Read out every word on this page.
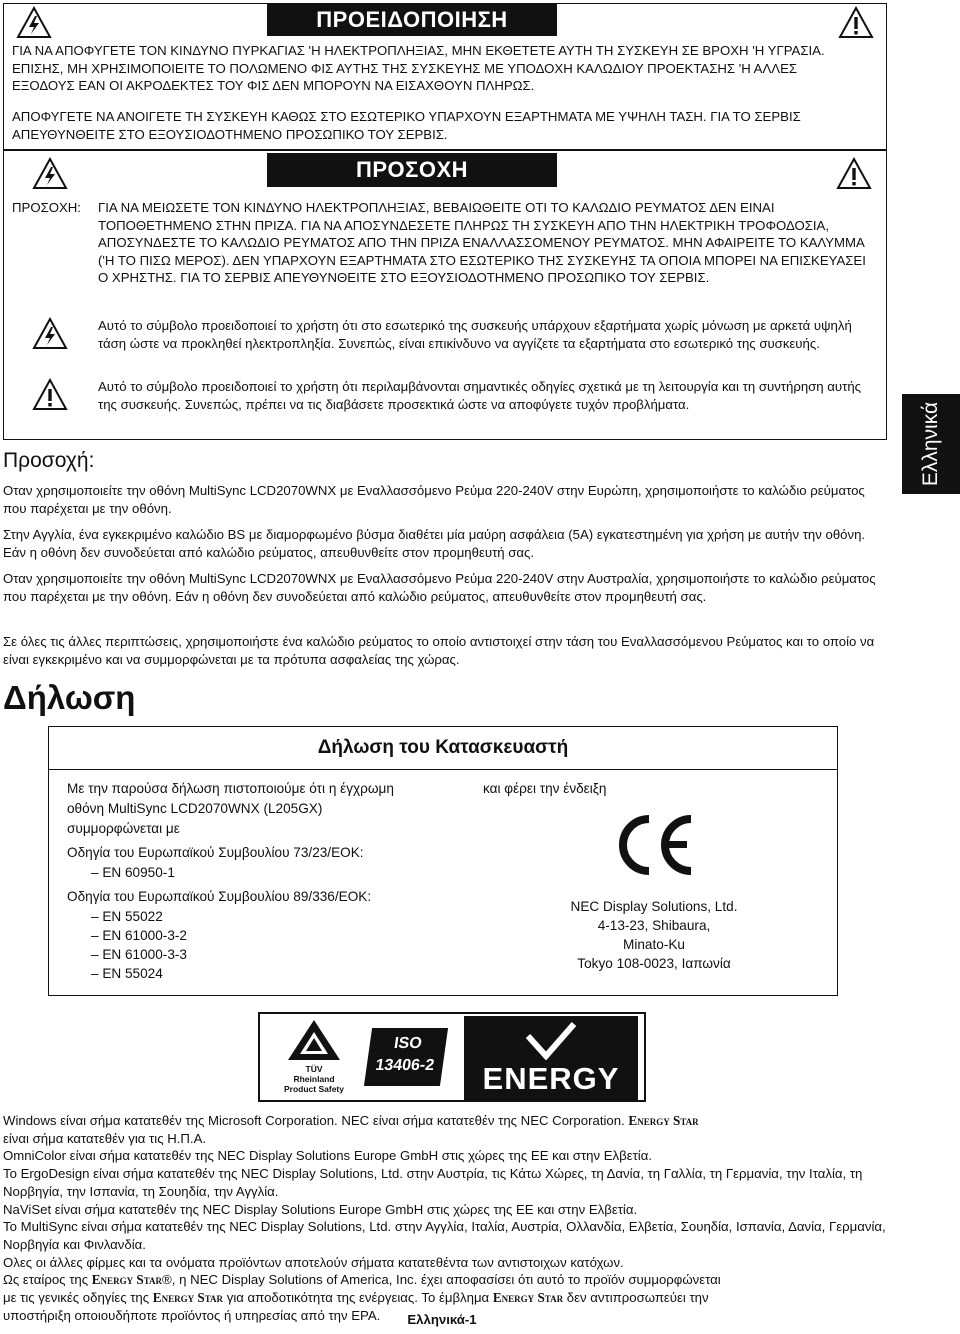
ΠΡΟΕΙΔΟΠΟΙΗΣΗ
ΓΙΑ ΝΑ ΑΠΟΦΥΓΕΤΕ ΤΟΝ ΚΙΝΔΥΝΟ ΠΥΡΚΑΓΙΑΣ 'Η ΗΛΕΚΤΡΟΠΛΗΞΙΑΣ, ΜΗΝ ΕΚΘΕΤΕΤΕ ΑΥΤΗ ΤΗ ΣΥΣΚΕΥΗ ΣΕ ΒΡΟΧΗ 'Η ΥΓΡΑΣΙΑ. ΕΠΙΣΗΣ, ΜΗ ΧΡΗΣΙΜΟΠΟΙΕΙΤΕ ΤΟ ΠΟΛΩΜΕΝΟ ΦΙΣ ΑΥΤΗΣ ΤΗΣ ΣΥΣΚΕΥΗΣ ΜΕ ΥΠΟΔΟΧΗ ΚΑΛΩΔΙΟΥ ΠΡΟΕΚΤΑΣΗΣ 'Η ΑΛΛΕΣ ΕΞΟΔΟΥΣ ΕΑΝ ΟΙ ΑΚΡΟΔΕΚΤΕΣ ΤΟΥ ΦΙΣ ΔΕΝ ΜΠΟΡΟΥΝ ΝΑ ΕΙΣΑΧΘΟΥΝ ΠΛΗΡΩΣ.
ΑΠΟΦΥΓΕΤΕ ΝΑ ΑΝΟΙΓΕΤΕ ΤΗ ΣΥΣΚΕΥΗ ΚΑΘΩΣ ΣΤΟ ΕΣΩΤΕΡΙΚΟ ΥΠΑΡΧΟΥΝ ΕΞΑΡΤΗΜΑΤΑ ΜΕ ΥΨΗΛΗ ΤΑΣΗ. ΓΙΑ ΤΟ ΣΕΡΒΙΣ ΑΠΕΥΘΥΝΘΕΙΤΕ ΣΤΟ ΕΞΟΥΣΙΟΔΟΤΗΜΕΝΟ ΠΡΟΣΩΠΙΚΟ ΤΟΥ ΣΕΡΒΙΣ.
ΠΡΟΣΟΧΗ
ΠΡΟΣΟΧΗ: ΓΙΑ ΝΑ ΜΕΙΩΣΕΤΕ ΤΟΝ ΚΙΝΔΥΝΟ ΗΛΕΚΤΡΟΠΛΗΞΙΑΣ, ΒΕΒΑΙΩΘΕΙΤΕ ΟΤΙ ΤΟ ΚΑΛΩΔΙΟ ΡΕΥΜΑΤΟΣ ΔΕΝ ΕΙΝΑΙ ΤΟΠΟΘΕΤΗΜΕΝΟ ΣΤΗΝ ΠΡΙΖΑ. ΓΙΑ ΝΑ ΑΠΟΣΥΝΔΕΣΕΤΕ ΠΛΗΡΩΣ ΤΗ ΣΥΣΚΕΥΗ ΑΠΟ ΤΗΝ ΗΛΕΚΤΡΙΚΗ ΤΡΟΦΟΔΟΣΙΑ, ΑΠΟΣΥΝΔΕΣΤΕ ΤΟ ΚΑΛΩΔΙΟ ΡΕΥΜΑΤΟΣ ΑΠΟ ΤΗΝ ΠΡΙΖΑ ΕΝΑΛΛΑΣΣΟΜΕΝΟΥ ΡΕΥΜΑΤΟΣ. ΜΗΝ ΑΦΑΙΡΕΙΤΕ ΤΟ ΚΑΛΥΜΜΑ ('Η ΤΟ ΠΙΣΩ ΜΕΡΟΣ). ΔΕΝ ΥΠΑΡΧΟΥΝ ΕΞΑΡΤΗΜΑΤΑ ΣΤΟ ΕΣΩΤΕΡΙΚΟ ΤΗΣ ΣΥΣΚΕΥΗΣ ΤΑ ΟΠΟΙΑ ΜΠΟΡΕΙ ΝΑ ΕΠΙΣΚΕΥΑΣΕΙ Ο ΧΡΗΣΤΗΣ. ΓΙΑ ΤΟ ΣΕΡΒΙΣ ΑΠΕΥΘΥΝΘΕΙΤΕ ΣΤΟ ΕΞΟΥΣΙΟΔΟΤΗΜΕΝΟ ΠΡΟΣΩΠΙΚΟ ΤΟΥ ΣΕΡΒΙΣ.
Αυτό το σύμβολο προειδοποιεί το χρήστη ότι στο εσωτερικό της συσκευής υπάρχουν εξαρτήματα χωρίς μόνωση με αρκετά υψηλή τάση ώστε να προκληθεί ηλεκτροπληξία. Συνεπώς, είναι επικίνδυνο να αγγίζετε τα εξαρτήματα στο εσωτερικό της συσκευής.
Αυτό το σύμβολο προειδοποιεί το χρήστη ότι περιλαμβάνονται σημαντικές οδηγίες σχετικά με τη λειτουργία και τη συντήρηση αυτής της συσκευής. Συνεπώς, πρέπει να τις διαβάσετε προσεκτικά ώστε να αποφύγετε τυχόν προβλήματα.	Ελληνικά
Προσοχή:
Οταν χρησιμοποιείτε την οθόνη MultiSync LCD2070WNX με Εναλλασσόμενο Ρεύμα 220-240V στην Ευρώπη, χρησιμοποιήστε το καλώδιο ρεύματος που παρέχεται με την οθόνη.
Στην Αγγλία, ένα εγκεκριμένο καλώδιο BS με διαμορφωμένο βύσμα διαθέτει μία μαύρη ασφάλεια (5A) εγκατεστημένη για χρήση με αυτήν την οθόνη. Εάν η οθόνη δεν συνοδεύεται από καλώδιο ρεύματος, απευθυνθείτε στον προμηθευτή σας.
Οταν χρησιμοποιείτε την οθόνη MultiSync LCD2070WNX με Εναλλασσόμενο Ρεύμα 220-240V στην Αυστραλία, χρησιμοποιήστε το καλώδιο ρεύματος που παρέχεται με την οθόνη. Εάν η οθόνη δεν συνοδεύεται από καλώδιο ρεύματος, απευθυνθείτε στον προμηθευτή σας.
Σε όλες τις άλλες περιπτώσεις, χρησιμοποιήστε ένα καλώδιο ρεύματος το οποίο αντιστοιχεί στην τάση του Εναλλασσόμενου Ρεύματος και το οποίο να είναι εγκεκριμένο και να συμμορφώνεται με τα πρότυπα ασφαλείας της χώρας.
Δήλωση
Δήλωση του Κατασκευαστή
Με την παρούσα δήλωση πιστοποιούμε ότι η έγχρωμη οθόνη MultiSync LCD2070WNX (L205GX) συμμορφώνεται με
Οδηγία του Ευρωπαϊκού Συμβουλίου 73/23/ΕΟΚ:
– EN 60950-1
Οδηγία του Ευρωπαϊκού Συμβουλίου 89/336/ΕΟΚ:
– EN 55022
– EN 61000-3-2
– EN 61000-3-3
– EN 55024
και φέρει την ένδειξη
NEC Display Solutions, Ltd.
4-13-23, Shibaura,
Minato-Ku
Tokyo 108-0023, Ιαπωνία
TÜV
Rheinland
Product Safety
ISO
13406-2	ENERGY
Windows είναι σήμα κατατεθέν της Microsoft Corporation. NEC είναι σήμα κατατεθέν της NEC Corporation. Energy Star
είναι σήμα κατατεθέν για τις Η.Π.Α.
OmniColor είναι σήμα κατατεθέν της NEC Display Solutions Europe GmbH στις χώρες της ΕΕ και στην Ελβετία.
Το ErgoDesign είναι σήμα κατατεθέν της NEC Display Solutions, Ltd. στην Αυστρία, τις Κάτω Χώρες, τη Δανία, τη Γαλλία, τη Γερμανία, την Ιταλία, τη Νορβηγία, την Ισπανία, τη Σουηδία, την Αγγλία.
NaViSet είναι σήμα κατατεθέν της NEC Display Solutions Europe GmbH στις χώρες της ΕΕ και στην Ελβετία.
Το MultiSync είναι σήμα κατατεθέν της NEC Display Solutions, Ltd. στην Αγγλία, Ιταλία, Αυστρία, Ολλανδία, Ελβετία, Σουηδία, Ισπανία, Δανία, Γερμανία, Νορβηγία και Φινλανδία.
Ολες οι άλλες φίρμες και τα ονόματα προϊόντων αποτελούν σήματα κατατεθέντα των αντιστοιχων κατόχων.
Ως εταίρος της Energy Star®, η NEC Display Solutions of America, Inc. έχει αποφασίσει ότι αυτό το προϊόν συμμορφώνεται
με τις γενικές οδηγίες της Energy Star για αποδοτικότητα της ενέργειας. Το έμβλημα Energy Star δεν αντιπροσωπεύει την
υποστήριξη οποιουδήποτε προϊόντος ή υπηρεσίας από την EPA.	Ελληνικά-1
